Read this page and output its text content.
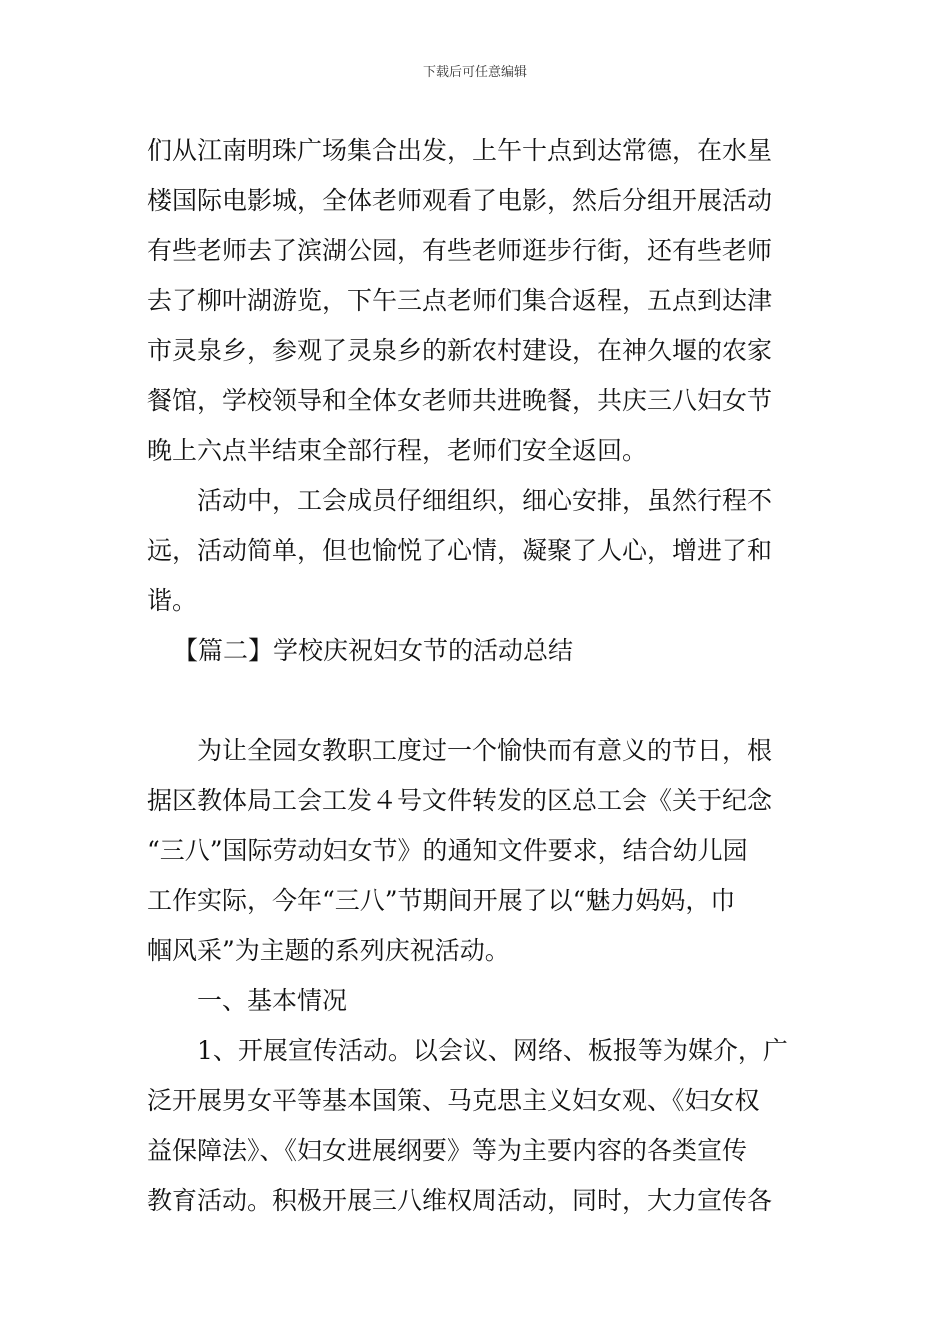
下载后可任意编辑
们从江南明珠广场集合出发，上午十点到达常德，在水星
楼国际电影城，全体老师观看了电影，然后分组开展活动
有些老师去了滨湖公园，有些老师逛步行街，还有些老师
去了柳叶湖游览，下午三点老师们集合返程，五点到达津
市灵泉乡，参观了灵泉乡的新农村建设，在神久堰的农家
餐馆，学校领导和全体女老师共进晚餐，共庆三八妇女节
晚上六点半结束全部行程，老师们安全返回。
活动中，工会成员仔细组织，细心安排，虽然行程不
远，活动简单，但也愉悦了心情，凝聚了人心，增进了和
谐。
【篇二】学校庆祝妇女节的活动总结
为让全园女教职工度过一个愉快而有意义的节日，根
据区教体局工会工发４号文件转发的区总工会《关于纪念
“三八”国际劳动妇女节》的通知文件要求，结合幼儿园
工作实际，今年“三八”节期间开展了以“魅力妈妈，巾
帼风采”为主题的系列庆祝活动。
一、基本情况
1、开展宣传活动。以会议、网络、板报等为媒介，广
泛开展男女平等基本国策、马克思主义妇女观、《妇女权
益保障法》、《妇女进展纲要》等为主要内容的各类宣传
教育活动。积极开展三八维权周活动，同时，大力宣传各
